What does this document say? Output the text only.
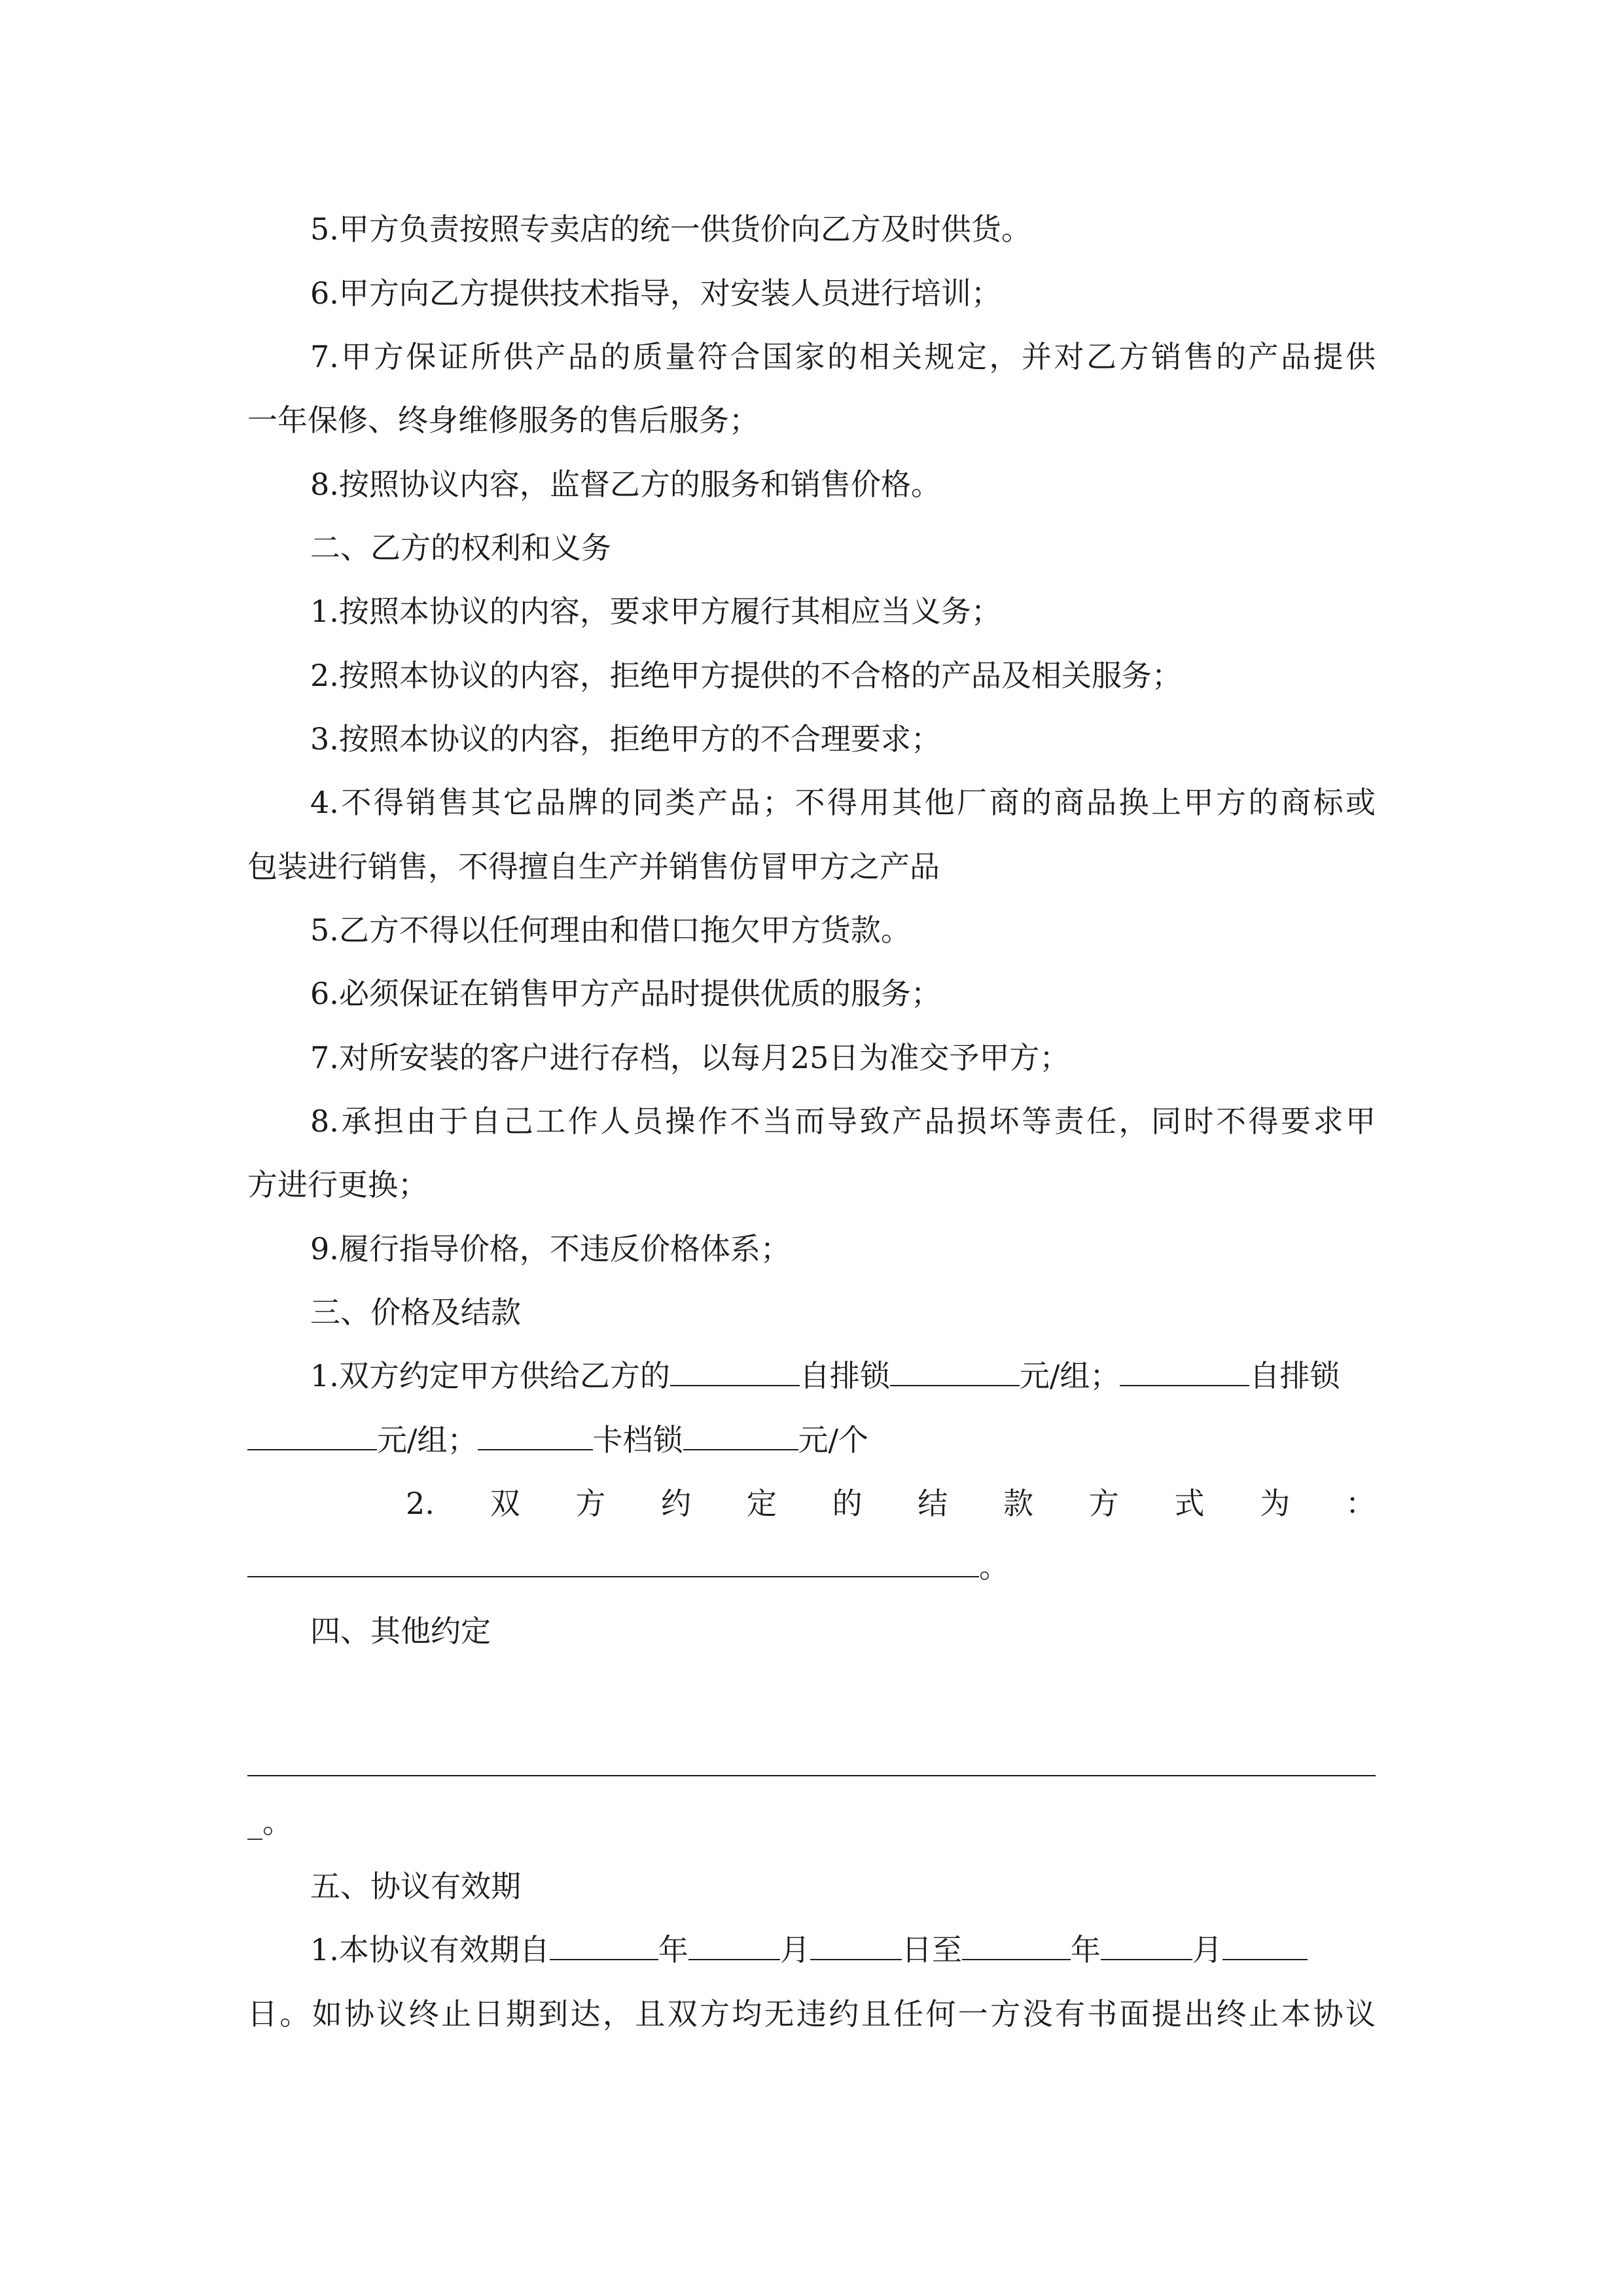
5.甲方负责按照专卖店的统一供货价向乙方及时供货。
6.甲方向乙方提供技术指导，对安装人员进行培训；
7.甲方保证所供产品的质量符合国家的相关规定，并对乙方销售的产品提供
一年保修、终身维修服务的售后服务；
8.按照协议内容，监督乙方的服务和销售价格。
二、乙方的权利和义务
1.按照本协议的内容，要求甲方履行其相应当义务；
2.按照本协议的内容，拒绝甲方提供的不合格的产品及相关服务；
3.按照本协议的内容，拒绝甲方的不合理要求；
4.不得销售其它品牌的同类产品；不得用其他厂商的商品换上甲方的商标或
包装进行销售，不得擅自生产并销售仿冒甲方之产品
5.乙方不得以任何理由和借口拖欠甲方货款。
6.必须保证在销售甲方产品时提供优质的服务；
7.对所安装的客户进行存档，以每月25日为准交予甲方；
8.承担由于自己工作人员操作不当而导致产品损坏等责任，同时不得要求甲
方进行更换；
9.履行指导价格，不违反价格体系；
三、价格及结款
1.双方约定甲方供给乙方的	自排锁	元/组；	自排锁
元/组；	卡档锁	元/个
2. 双 方 约 定 的 结 款 方 式 为 ：
。
四、其他约定
_。
五、协议有效期
1.本协议有效期自	年	月	日至	年	月
日。如协议终止日期到达，且双方均无违约且任何一方没有书面提出终止本协议
